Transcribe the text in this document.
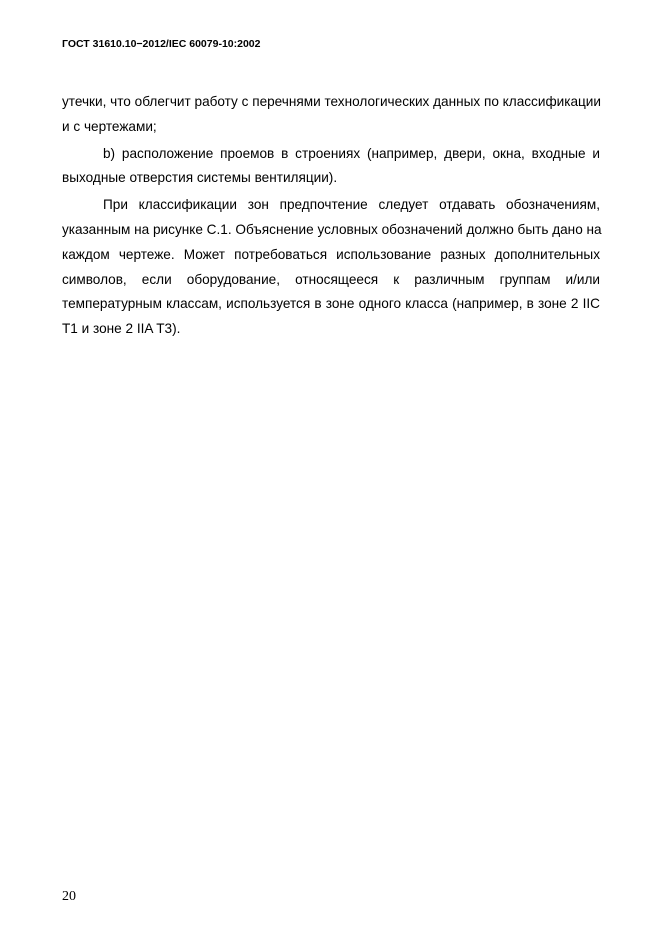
ГОСТ 31610.10−2012/IEC 60079-10:2002
утечки, что облегчит работу с перечнями технологических данных по классификации
и с чертежами;
b) расположение проемов в строениях (например, двери, окна, входные и
выходные отверстия системы вентиляции).
При классификации зон предпочтение следует отдавать обозначениям,
указанным на рисунке С.1. Объяснение условных обозначений должно быть дано на
каждом чертеже. Может потребоваться использование разных дополнительных
символов, если оборудование, относящееся к различным группам и/или
температурным классам, используется в зоне одного класса (например, в зоне 2 IIC
Т1 и зоне 2 IIA T3).
20
